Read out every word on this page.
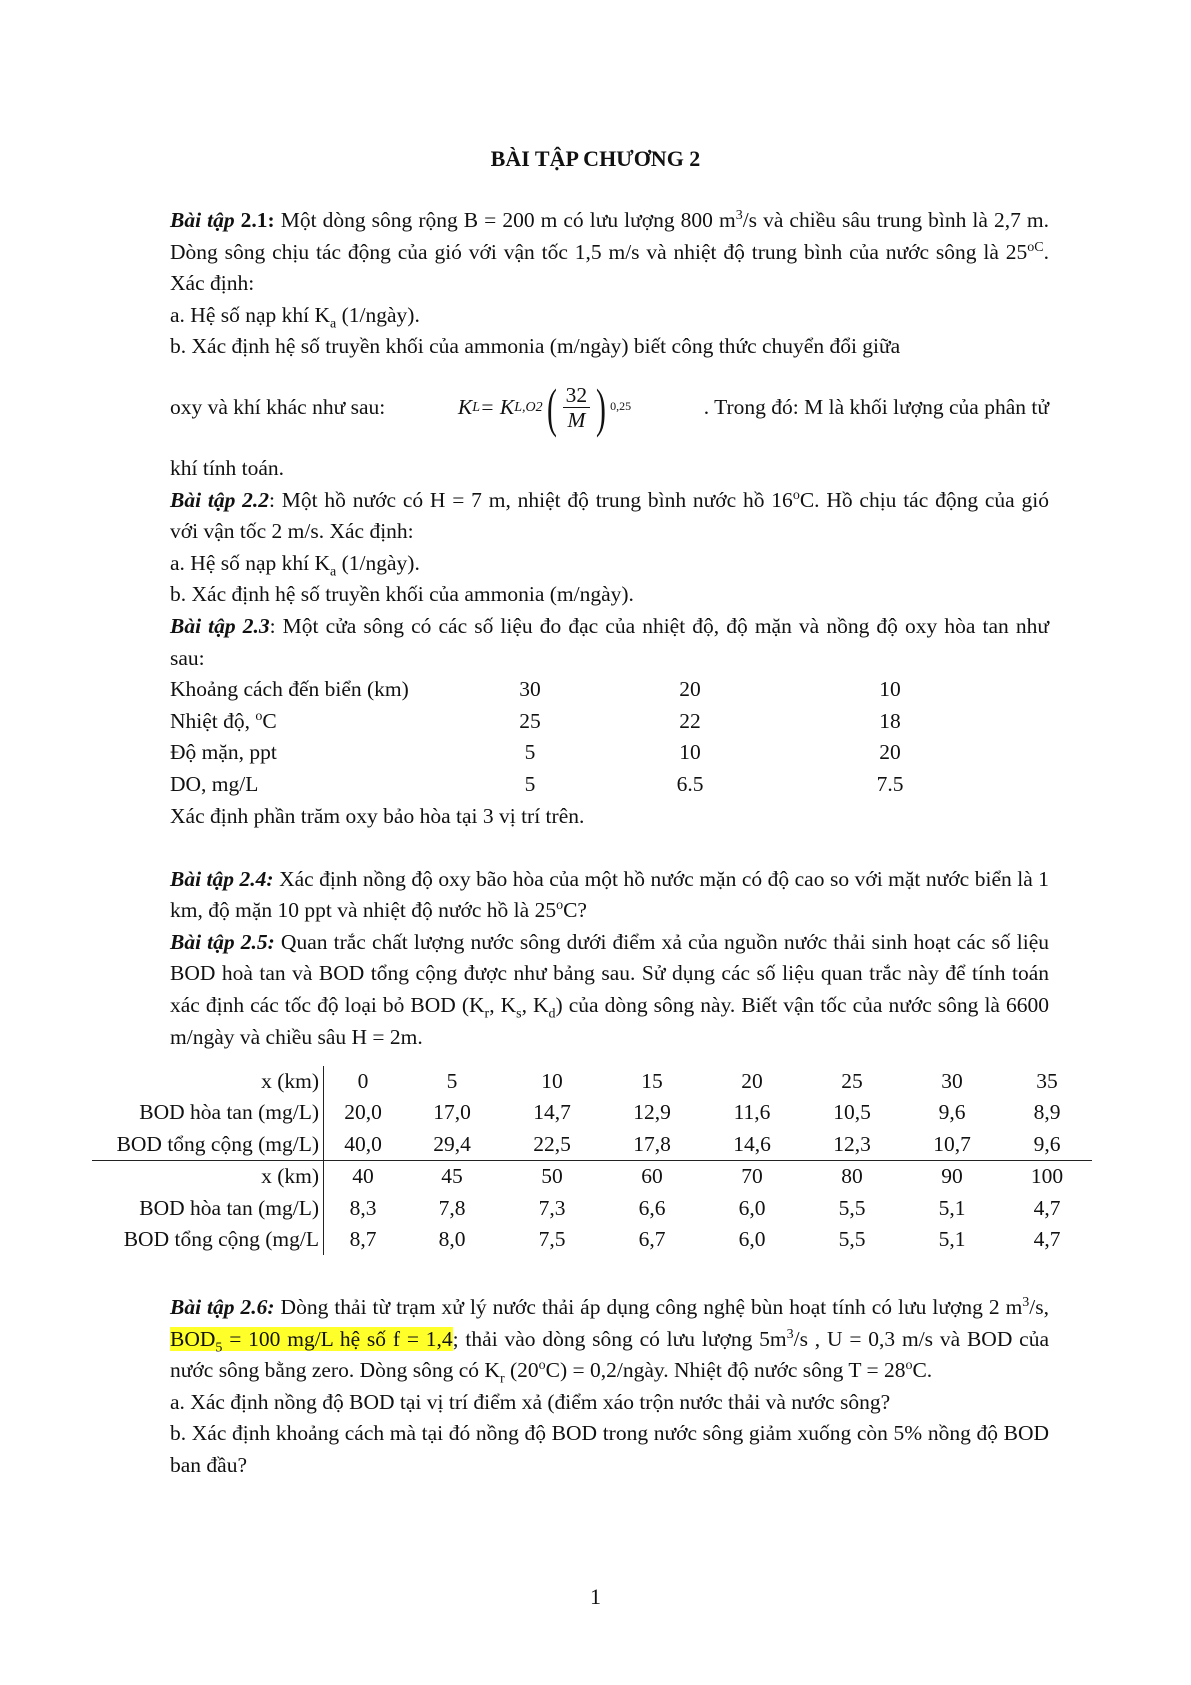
BÀI TẬP CHƯƠNG 2

Bài tập 2.1: Một dòng sông rộng B = 200 m có lưu lượng 800 $m^3/s$ và chiều sâu trung bình là 2,7 m. Dòng sông chịu tác động của gió với vận tốc 1,5 m/s và nhiệt độ trung bình của nước sông là $25^{oC}$. Xác định:

a. Hệ số nạp khí $K_a$ (1/ngày).

b. Xác định hệ số truyền khối của ammonia (m/ngày) biết công thức chuyển đổi giữa

oxy và khí khác như sau:	K L = K L,O2 ( $\frac{32}{M}$ ) 0,25	. Trong đó: M là khối lượng của phân tử

khí tính toán.

Bài tập 2.2: Một hồ nước có H = 7 m, nhiệt độ trung bình nước hồ 16$^o$C. Hồ chịu tác động của gió với vận tốc 2 m/s. Xác định:

a. Hệ số nạp khí $K_a$ (1/ngày).

b. Xác định hệ số truyền khối của ammonia (m/ngày).

Bài tập 2.3: Một cửa sông có các số liệu đo đạc của nhiệt độ, độ mặn và nồng độ oxy hòa tan như sau:

Khoảng cách đến biển (km)	30	20	10
Nhiệt độ, $^o$C	25	22	18
Độ mặn, ppt	5	10	20
DO, mg/L	5	6.5	7.5

Xác định phần trăm oxy bảo hòa tại 3 vị trí trên.

Bài tập 2.4: Xác định nồng độ oxy bão hòa của một hồ nước mặn có độ cao so với mặt nước biển là 1 km, độ mặn 10 ppt và nhiệt độ nước hồ là 25$^o$C?

Bài tập 2.5: Quan trắc chất lượng nước sông dưới điểm xả của nguồn nước thải sinh hoạt các số liệu BOD hoà tan và BOD tổng cộng được như bảng sau. Sử dụng các số liệu quan trắc này để tính toán xác định các tốc độ loại bỏ BOD ($K_r$, $K_s$, $K_d$) của dòng sông này. Biết vận tốc của nước sông là 6600 m/ngày và chiều sâu H = 2m.

x (km)	0	5	10	15	20	25	30	35
BOD hòa tan (mg/L)	20,0	17,0	14,7	12,9	11,6	10,5	9,6	8,9
BOD tổng cộng (mg/L)	40,0	29,4	22,5	17,8	14,6	12,3	10,7	9,6
x (km)	40	45	50	60	70	80	90	100
BOD hòa tan (mg/L)	8,3	7,8	7,3	6,6	6,0	5,5	5,1	4,7
BOD tổng cộng (mg/L	8,7	8,0	7,5	6,7	6,0	5,5	5,1	4,7

Bài tập 2.6: Dòng thải từ trạm xử lý nước thải áp dụng công nghệ bùn hoạt tính có lưu lượng 2 $m^3/s$, $BOD_5 = 100$ mg/L hệ số f = 1,4; thải vào dòng sông có lưu lượng $5m^3/s$ , U = 0,3 m/s và BOD của nước sông bằng zero. Dòng sông có $K_r$ $(20^oC)$ = 0,2/ngày. Nhiệt độ nước sông $T = 28^oC$.

a. Xác định nồng độ BOD tại vị trí điểm xả (điểm xáo trộn nước thải và nước sông?

b. Xác định khoảng cách mà tại đó nồng độ BOD trong nước sông giảm xuống còn 5% nồng độ BOD ban đầu?

1
